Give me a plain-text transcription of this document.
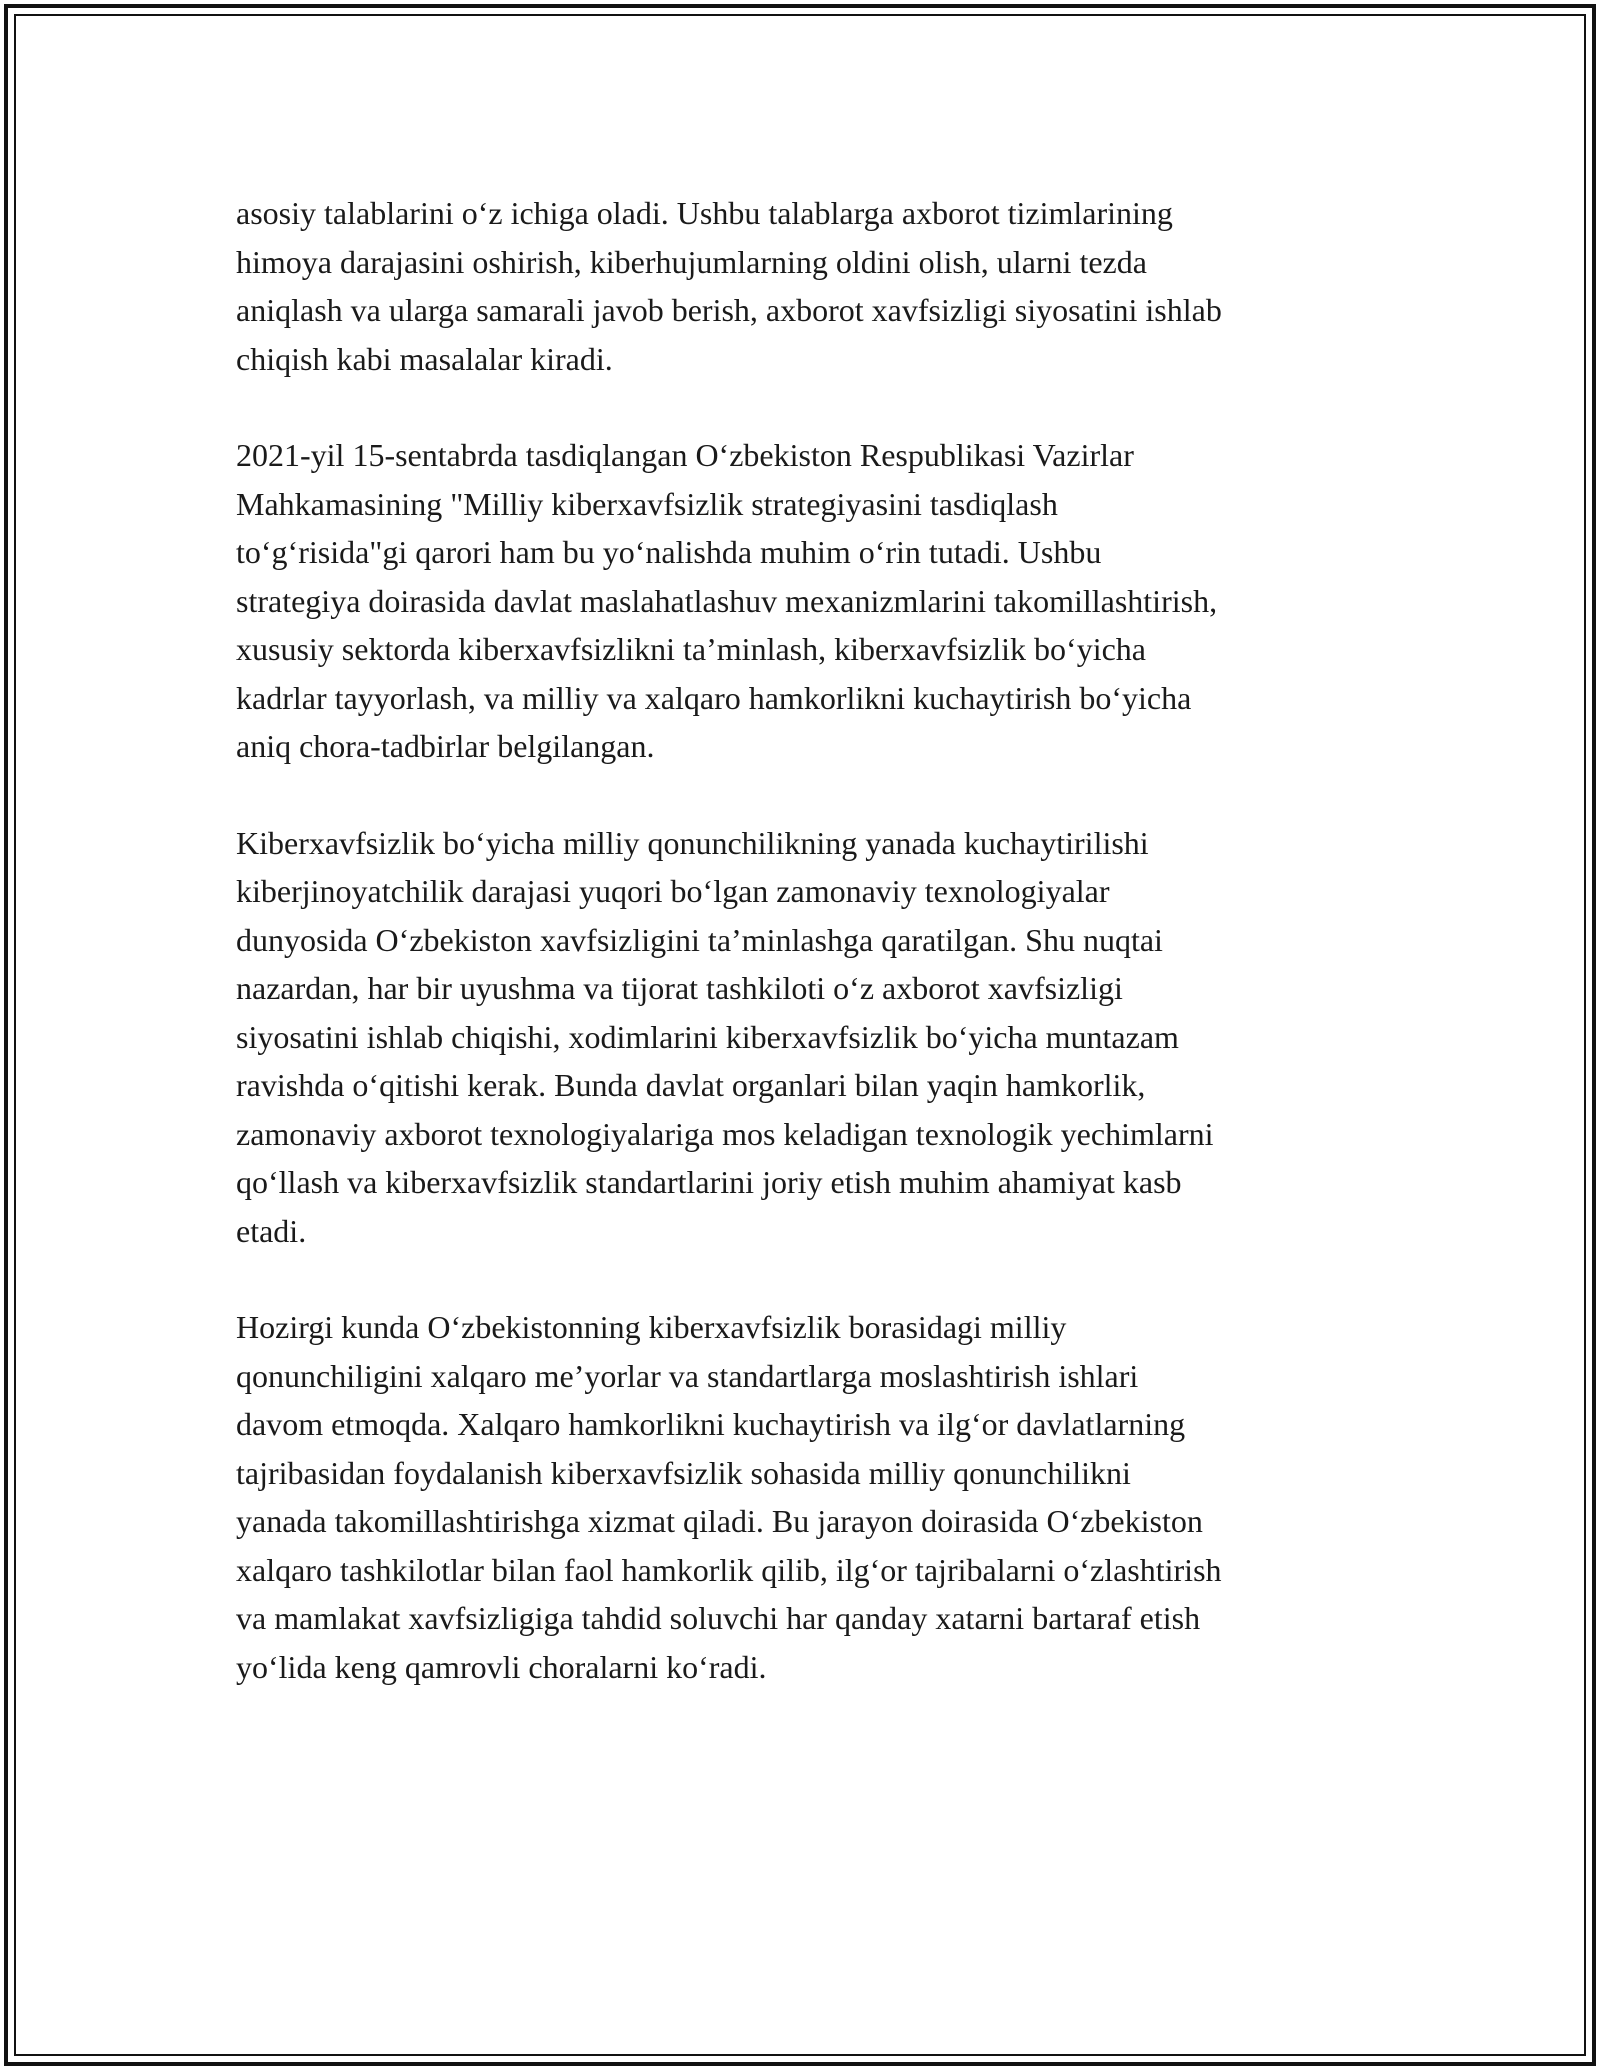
asosiy talablarini o‘z ichiga oladi. Ushbu talablarga axborot tizimlarining
himoya darajasini oshirish, kiberhujumlarning oldini olish, ularni tezda
aniqlash va ularga samarali javob berish, axborot xavfsizligi siyosatini ishlab
chiqish kabi masalalar kiradi.

2021-yil 15-sentabrda tasdiqlangan O‘zbekiston Respublikasi Vazirlar
Mahkamasining "Milliy kiberxavfsizlik strategiyasini tasdiqlash
to‘g‘risida"gi qarori ham bu yo‘nalishda muhim o‘rin tutadi. Ushbu
strategiya doirasida davlat maslahatlashuv mexanizmlarini takomillashtirish,
xususiy sektorda kiberxavfsizlikni ta’minlash, kiberxavfsizlik bo‘yicha
kadrlar tayyorlash, va milliy va xalqaro hamkorlikni kuchaytirish bo‘yicha
aniq chora-tadbirlar belgilangan.

Kiberxavfsizlik bo‘yicha milliy qonunchilikning yanada kuchaytirilishi
kiberjinoyatchilik darajasi yuqori bo‘lgan zamonaviy texnologiyalar
dunyosida O‘zbekiston xavfsizligini ta’minlashga qaratilgan. Shu nuqtai
nazardan, har bir uyushma va tijorat tashkiloti o‘z axborot xavfsizligi
siyosatini ishlab chiqishi, xodimlarini kiberxavfsizlik bo‘yicha muntazam
ravishda o‘qitishi kerak. Bunda davlat organlari bilan yaqin hamkorlik,
zamonaviy axborot texnologiyalariga mos keladigan texnologik yechimlarni
qo‘llash va kiberxavfsizlik standartlarini joriy etish muhim ahamiyat kasb
etadi.

Hozirgi kunda O‘zbekistonning kiberxavfsizlik borasidagi milliy
qonunchiligini xalqaro me’yorlar va standartlarga moslashtirish ishlari
davom etmoqda. Xalqaro hamkorlikni kuchaytirish va ilg‘or davlatlarning
tajribasidan foydalanish kiberxavfsizlik sohasida milliy qonunchilikni
yanada takomillashtirishga xizmat qiladi. Bu jarayon doirasida O‘zbekiston
xalqaro tashkilotlar bilan faol hamkorlik qilib, ilg‘or tajribalarni o‘zlashtirish
va mamlakat xavfsizligiga tahdid soluvchi har qanday xatarni bartaraf etish
yo‘lida keng qamrovli choralarni ko‘radi.
